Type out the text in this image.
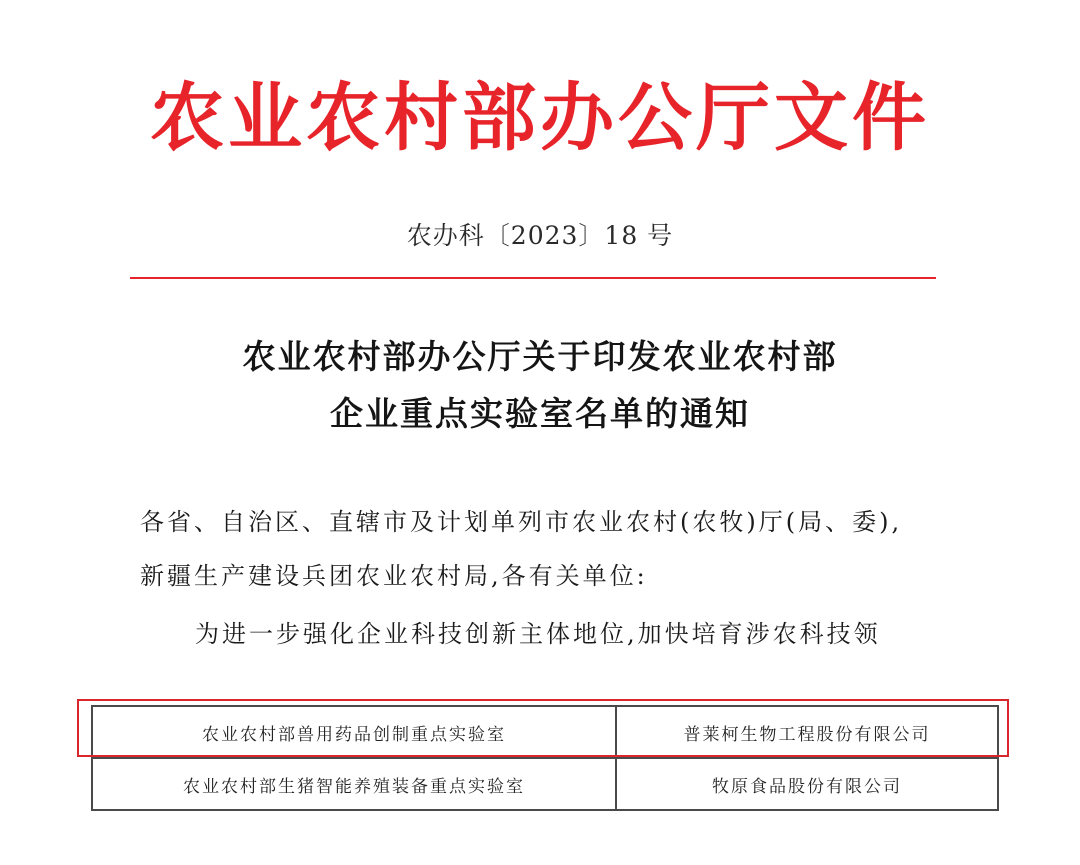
农业农村部办公厅文件
农办科〔2023〕18 号
农业农村部办公厅关于印发农业农村部
企业重点实验室名单的通知
各省、自治区、直辖市及计划单列市农业农村(农牧)厅(局、委),
新疆生产建设兵团农业农村局,各有关单位:
为进一步强化企业科技创新主体地位,加快培育涉农科技领
农业农村部兽用药品创制重点实验室	普莱柯生物工程股份有限公司
农业农村部生猪智能养殖装备重点实验室	牧原食品股份有限公司
